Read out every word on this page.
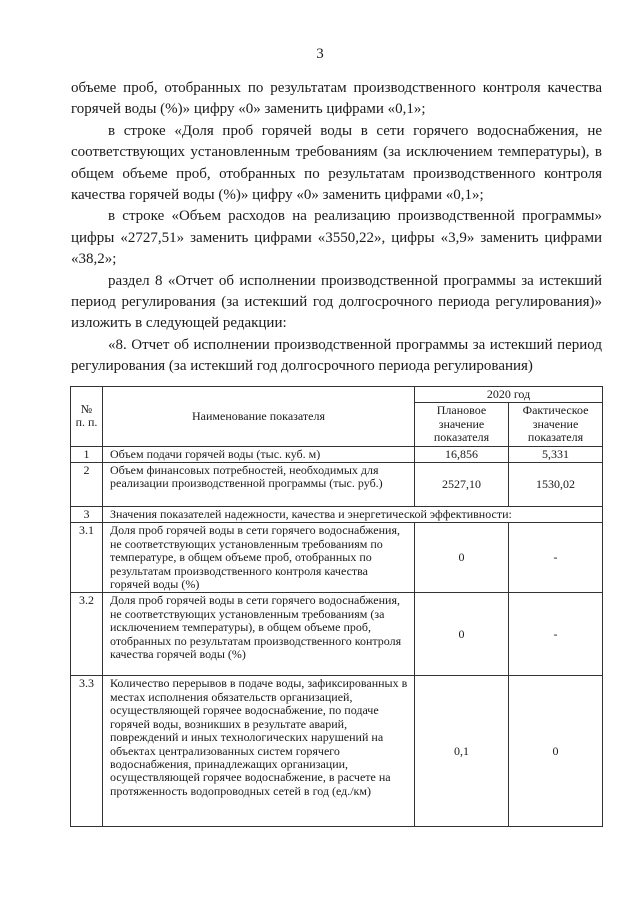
3

объеме проб, отобранных по результатам производственного контроля качества горячей воды (%)» цифру «0» заменить цифрами «0,1»;

в строке «Доля проб горячей воды в сети горячего водоснабжения, не соответствующих установленным требованиям (за исключением температуры), в общем объеме проб, отобранных по результатам производственного контроля качества горячей воды (%)» цифру «0» заменить цифрами «0,1»;

в строке «Объем расходов на реализацию производственной программы» цифры «2727,51» заменить цифрами «3550,22», цифры «3,9» заменить цифрами «38,2»;

раздел 8 «Отчет об исполнении производственной программы за истекший период регулирования (за истекший год долгосрочного периода регулирования)» изложить в следующей редакции:

«8. Отчет об исполнении производственной программы за истекший период регулирования (за истекший год долгосрочного периода регулирования)

№ п. п.	Наименование показателя	2020 год	
		Плановое значение показателя	Фактическое значение показателя
1	Объем подачи горячей воды (тыс. куб. м)	16,856	5,331
2	Объем финансовых потребностей, необходимых для реализации производственной программы (тыс. руб.)	2527,10	1530,02
3	Значения показателей надежности, качества и энергетической эффективности:		
3.1	Доля проб горячей воды в сети горячего водоснабжения, не соответствующих установленным требованиям по температуре, в общем объеме проб, отобранных по результатам производственного контроля качества горячей воды (%)	0	-
3.2	Доля проб горячей воды в сети горячего водоснабжения, не соответствующих установленным требованиям (за исключением температуры), в общем объеме проб, отобранных по результатам производственного контроля качества горячей воды (%)	0	-
3.3	Количество перерывов в подаче воды, зафиксированных в местах исполнения обязательств организацией, осуществляющей горячее водоснабжение, по подаче горячей воды, возникших в результате аварий, повреждений и иных технологических нарушений на объектах централизованных систем горячего водоснабжения, принадлежащих организации, осуществляющей горячее водоснабжение, в расчете на протяженность водопроводных сетей в год (ед./км)	0,1	0
